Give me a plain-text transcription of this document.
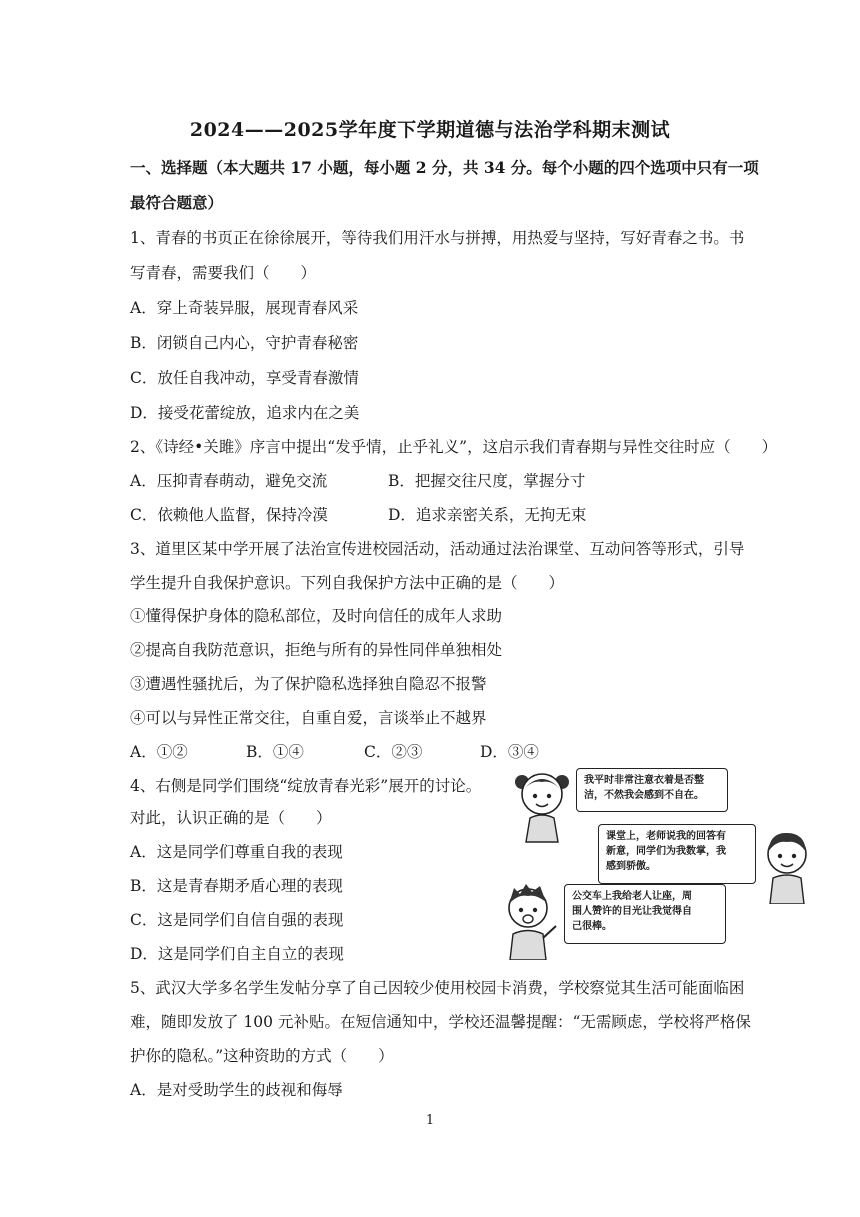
2024——2025学年度下学期道德与法治学科期末测试
一、选择题（本大题共 17 小题，每小题 2 分，共 34 分。每个小题的四个选项中只有一项
最符合题意）
1、青春的书页正在徐徐展开，等待我们用汗水与拼搏，用热爱与坚持，写好青春之书。书
写青春，需要我们（　　）
A．穿上奇装异服，展现青春风采
B．闭锁自己内心，守护青春秘密
C．放任自我冲动，享受青春激情
D．接受花蕾绽放，追求内在之美
2、《诗经•关雎》序言中提出“发乎情，止乎礼义”，这启示我们青春期与异性交往时应（　　）
A．压抑青春萌动，避免交流	B．把握交往尺度，掌握分寸
C．依赖他人监督，保持冷漠	D．追求亲密关系，无拘无束
3、道里区某中学开展了法治宣传进校园活动，活动通过法治课堂、互动问答等形式，引导
学生提升自我保护意识。下列自我保护方法中正确的是（　　）
①懂得保护身体的隐私部位，及时向信任的成年人求助
②提高自我防范意识，拒绝与所有的异性同伴单独相处
③遭遇性骚扰后，为了保护隐私选择独自隐忍不报警
④可以与异性正常交往，自重自爱，言谈举止不越界
A．①②	B．①④	C．②③	D．③④
4、右侧是同学们围绕“绽放青春光彩”展开的讨论。
对此，认识正确的是（　　）
A．这是同学们尊重自我的表现
B．这是青春期矛盾心理的表现
C．这是同学们自信自强的表现
D．这是同学们自主自立的表现
我平时非常注意衣着是否整
洁，不然我会感到不自在。
课堂上，老师说我的回答有
新意，同学们为我数掌，我
感到骄傲。
公交车上我给老人让座，周
围人赞许的目光让我觉得自
己很棒。
5、武汉大学多名学生发帖分享了自己因较少使用校园卡消费，学校察觉其生活可能面临困
难，随即发放了 100 元补贴。在短信通知中，学校还温馨提醒：“无需顾虑，学校将严格保
护你的隐私。”这种资助的方式（　　）
A．是对受助学生的歧视和侮辱
1
